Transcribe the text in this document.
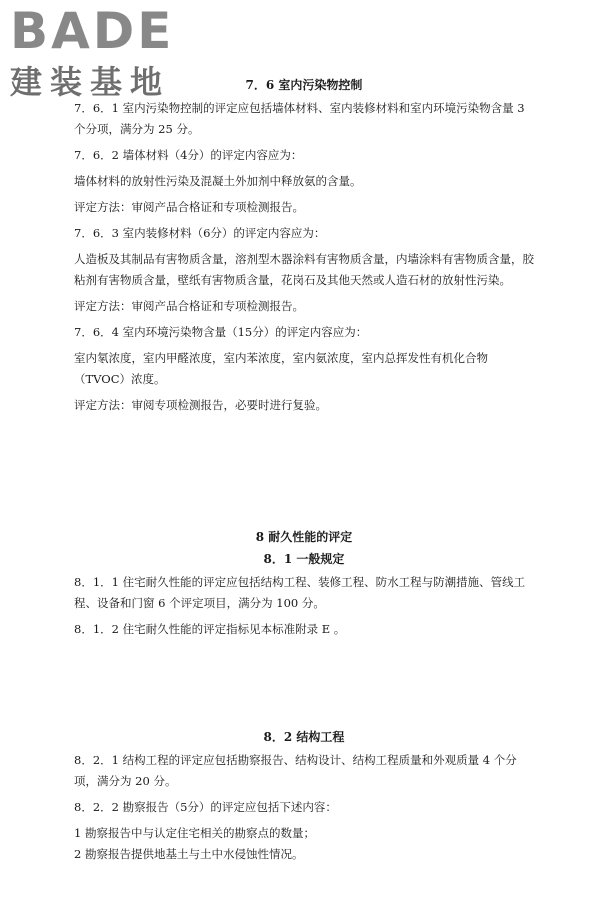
BADE
建装基地	7．6 室内污染物控制

7．6．1 室内污染物控制的评定应包括墙体材料、室内装修材料和室内环境污染物含量 3 个分项，满分为 25 分。

7．6．2 墙体材料（4分）的评定内容应为：

墙体材料的放射性污染及混凝土外加剂中释放氨的含量。

评定方法：审阅产品合格证和专项检测报告。

7．6．3 室内装修材料（6分）的评定内容应为：

人造板及其制品有害物质含量，溶剂型木器涂料有害物质含量，内墙涂料有害物质含量，胶粘剂有害物质含量，壁纸有害物质含量，花岗石及其他天然或人造石材的放射性污染。

评定方法：审阅产品合格证和专项检测报告。

7．6．4 室内环境污染物含量（15分）的评定内容应为：

室内氡浓度，室内甲醛浓度，室内苯浓度，室内氨浓度，室内总挥发性有机化合物（TVOC）浓度。

评定方法：审阅专项检测报告，必要时进行复验。

8 耐久性能的评定

8．1 一般规定

8．1．1 住宅耐久性能的评定应包括结构工程、装修工程、防水工程与防潮措施、管线工程、设备和门窗 6 个评定项目，满分为 100 分。

8．1．2 住宅耐久性能的评定指标见本标准附录 E 。

8．2 结构工程

8．2．1 结构工程的评定应包括勘察报告、结构设计、结构工程质量和外观质量 4 个分项，满分为 20 分。

8．2．2 勘察报告（5分）的评定应包括下述内容：

1 勘察报告中与认定住宅相关的勘察点的数量；

2 勘察报告提供地基土与土中水侵蚀性情况。
